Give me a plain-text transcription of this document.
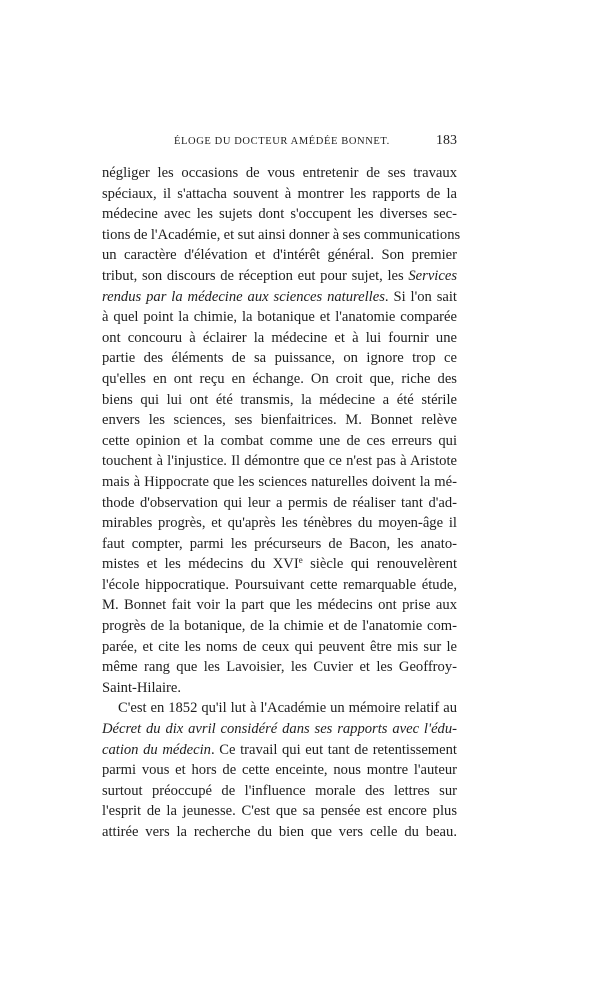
ÉLOGE DU DOCTEUR AMÉDÉE BONNET.	183
négliger les occasions de vous entretenir de ses travaux
spéciaux, il s'attacha souvent à montrer les rapports de la
médecine avec les sujets dont s'occupent les diverses sec-
tions de l'Académie, et sut ainsi donner à ses communications
un caractère d'élévation et d'intérêt général. Son premier
tribut, son discours de réception eut pour sujet, les Services
rendus par la médecine aux sciences naturelles. Si l'on sait
à quel point la chimie, la botanique et l'anatomie comparée
ont concouru à éclairer la médecine et à lui fournir une
partie des éléments de sa puissance, on ignore trop ce
qu'elles en ont reçu en échange. On croit que, riche des
biens qui lui ont été transmis, la médecine a été stérile
envers les sciences, ses bienfaitrices. M. Bonnet relève
cette opinion et la combat comme une de ces erreurs qui
touchent à l'injustice. Il démontre que ce n'est pas à Aristote
mais à Hippocrate que les sciences naturelles doivent la mé-
thode d'observation qui leur a permis de réaliser tant d'ad-
mirables progrès, et qu'après les ténèbres du moyen-âge il
faut compter, parmi les précurseurs de Bacon, les anato-
mistes et les médecins du XVIe siècle qui renouvelèrent
l'école hippocratique. Poursuivant cette remarquable étude,
M. Bonnet fait voir la part que les médecins ont prise aux
progrès de la botanique, de la chimie et de l'anatomie com-
parée, et cite les noms de ceux qui peuvent être mis sur le
même rang que les Lavoisier, les Cuvier et les Geoffroy-
Saint-Hilaire.
C'est en 1852 qu'il lut à l'Académie un mémoire relatif au
Décret du dix avril considéré dans ses rapports avec l'édu-
cation du médecin. Ce travail qui eut tant de retentissement
parmi vous et hors de cette enceinte, nous montre l'auteur
surtout préoccupé de l'influence morale des lettres sur
l'esprit de la jeunesse. C'est que sa pensée est encore plus
attirée vers la recherche du bien que vers celle du beau.
